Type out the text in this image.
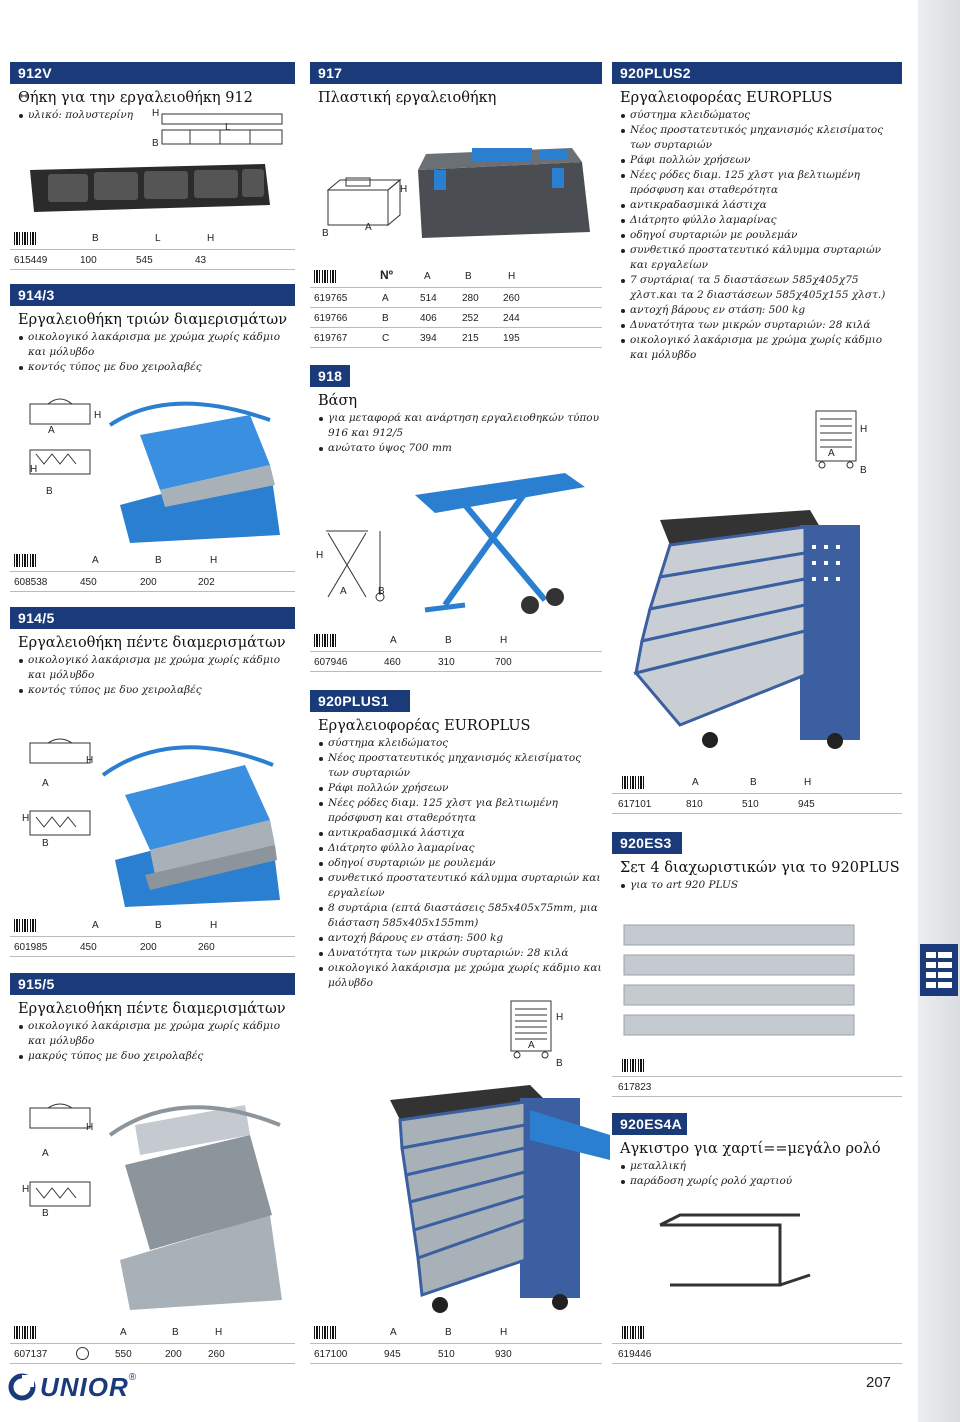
912V
Θήκη για την εργαλειοθήκη 912
υλικό: πολυστερίνη	H
L
B
B	L	H
615449	100	545	43
914/3
Εργαλειοθήκη τριών διαμερισμάτων
οικολογικό λακάρισμα με χρώμα χωρίς κάδμιο και μόλυβδο
κοντός τύπος με δυο χειρολαβές
A
H
H
B
A	B	H
608538	450	200	202
914/5
Εργαλειοθήκη πέντε διαμερισμάτων
οικολογικό λακάρισμα με χρώμα χωρίς κάδμιο και μόλυβδο
κοντός τύπος με δυο χειρολαβές
H
A
H
B
A	B	H
601985	450	200	260
915/5
Εργαλειοθήκη πέντε διαμερισμάτων
οικολογικό λακάρισμα με χρώμα χωρίς κάδμιο και μόλυβδο
μακρύς τύπος με δυο χειρολαβές
H
A
H
B
A	B	H
607137	550	200	260
917
Πλαστική εργαλειοθήκη
H
B
A
Nº	A	B	H
619765	A	514	280 260
619766	B	406	252 244
619767	C	394	215 195
918
Βάση
για μεταφορά και ανάρτηση εργαλειοθηκών τύπου 916 και 912/5
ανώτατο ύψος 700 mm
H
A	B
A	B	H
607946	460	310	700
920PLUS1
Εργαλειοφορέας EUROPLUS
σύστημα κλειδώματος
Νέος προστατευτικός μηχανισμός κλεισίματος των συρταριών
Ράφι πολλών χρήσεων
Νέες ρόδες διαμ. 125 χλστ για βελτιωμένη πρόσφυση και σταθερότητα
αντικραδασμικά λάστιχα
Διάτρητο φύλλο λαμαρίνας
οδηγοί συρταριών με ρουλεμάν
συνθετικό προστατευτικό κάλυμμα συρταριών και εργαλείων
8 συρτάρια (επτά διαστάσεις 585x405x75mm, μια διάσταση 585x405x155mm)
αντοχή βάρους εν στάση: 500 kg
Δυνατότητα των μικρών συρταριών: 28 κιλά
οικολογικό λακάρισμα με χρώμα χωρίς κάδμιο και μόλυβδο
H
A
B
A	B	H
617100	945	510	930
920PLUS2
Εργαλειοφορέας EUROPLUS
σύστημα κλειδώματος
Νέος προστατευτικός μηχανισμός κλεισίματος των συρταριών
Ράφι πολλών χρήσεων
Νέες ρόδες διαμ. 125 χλστ για βελτιωμένη πρόσφυση και σταθερότητα
αντικραδασμικά λάστιχα
Διάτρητο φύλλο λαμαρίνας
οδηγοί συρταριών με ρουλεμάν
συνθετικό προστατευτικό κάλυμμα συρταριών και εργαλείων
7 συρτάρια( τα 5 διαστάσεων 585χ405χ75 χλστ.και τα 2 διαστάσεων 585χ405χ155 χλστ.)
αντοχή βάρους εν στάση: 500 kg
Δυνατότητα των μικρών συρταριών: 28 κιλά
οικολογικό λακάρισμα με χρώμα χωρίς κάδμιο και μόλυβδο
H
A
B
A	B	H
617101	810	510	945
920ES3
Σετ 4 διαχωριστικών για το 920PLUS
για το art 920 PLUS
617823
920ES4A
Αγκιστρο για χαρτί==μεγάλο ρολό
μεταλλική
παράδοση χωρίς ρολό χαρτιού
619446
UNIOR ®	207
